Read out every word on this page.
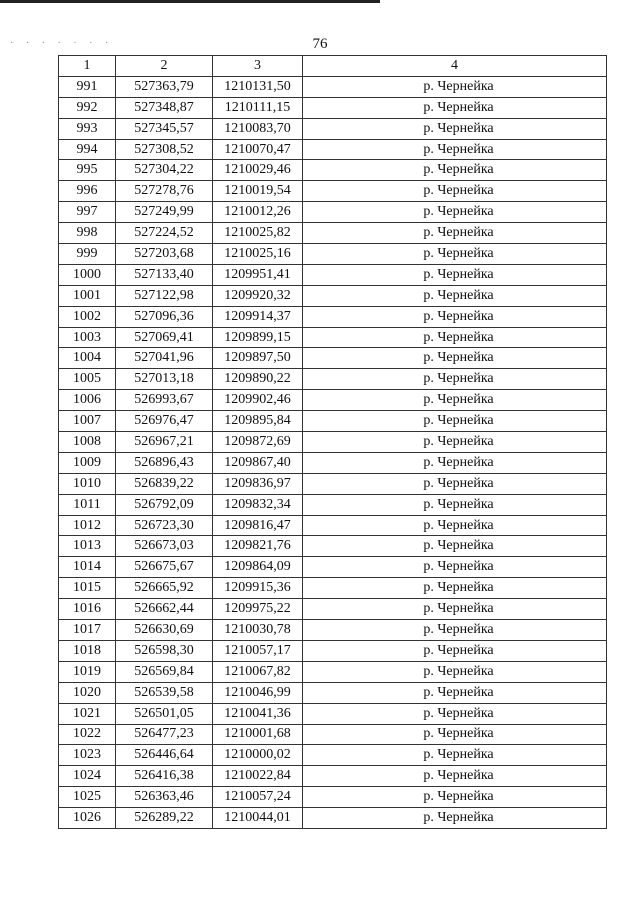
· · · · · · ·	76
1	2	3	4
991	527363,79	1210131,50	р. Чернейка
992	527348,87	1210111,15	р. Чернейка
993	527345,57	1210083,70	р. Чернейка
994	527308,52	1210070,47	р. Чернейка
995	527304,22	1210029,46	р. Чернейка
996	527278,76	1210019,54	р. Чернейка
997	527249,99	1210012,26	р. Чернейка
998	527224,52	1210025,82	р. Чернейка
999	527203,68	1210025,16	р. Чернейка
1000	527133,40	1209951,41	р. Чернейка
1001	527122,98	1209920,32	р. Чернейка
1002	527096,36	1209914,37	р. Чернейка
1003	527069,41	1209899,15	р. Чернейка
1004	527041,96	1209897,50	р. Чернейка
1005	527013,18	1209890,22	р. Чернейка
1006	526993,67	1209902,46	р. Чернейка
1007	526976,47	1209895,84	р. Чернейка
1008	526967,21	1209872,69	р. Чернейка
1009	526896,43	1209867,40	р. Чернейка
1010	526839,22	1209836,97	р. Чернейка
1011	526792,09	1209832,34	р. Чернейка
1012	526723,30	1209816,47	р. Чернейка
1013	526673,03	1209821,76	р. Чернейка
1014	526675,67	1209864,09	р. Чернейка
1015	526665,92	1209915,36	р. Чернейка
1016	526662,44	1209975,22	р. Чернейка
1017	526630,69	1210030,78	р. Чернейка
1018	526598,30	1210057,17	р. Чернейка
1019	526569,84	1210067,82	р. Чернейка
1020	526539,58	1210046,99	р. Чернейка
1021	526501,05	1210041,36	р. Чернейка
1022	526477,23	1210001,68	р. Чернейка
1023	526446,64	1210000,02	р. Чернейка
1024	526416,38	1210022,84	р. Чернейка
1025	526363,46	1210057,24	р. Чернейка
1026	526289,22	1210044,01	р. Чернейка
